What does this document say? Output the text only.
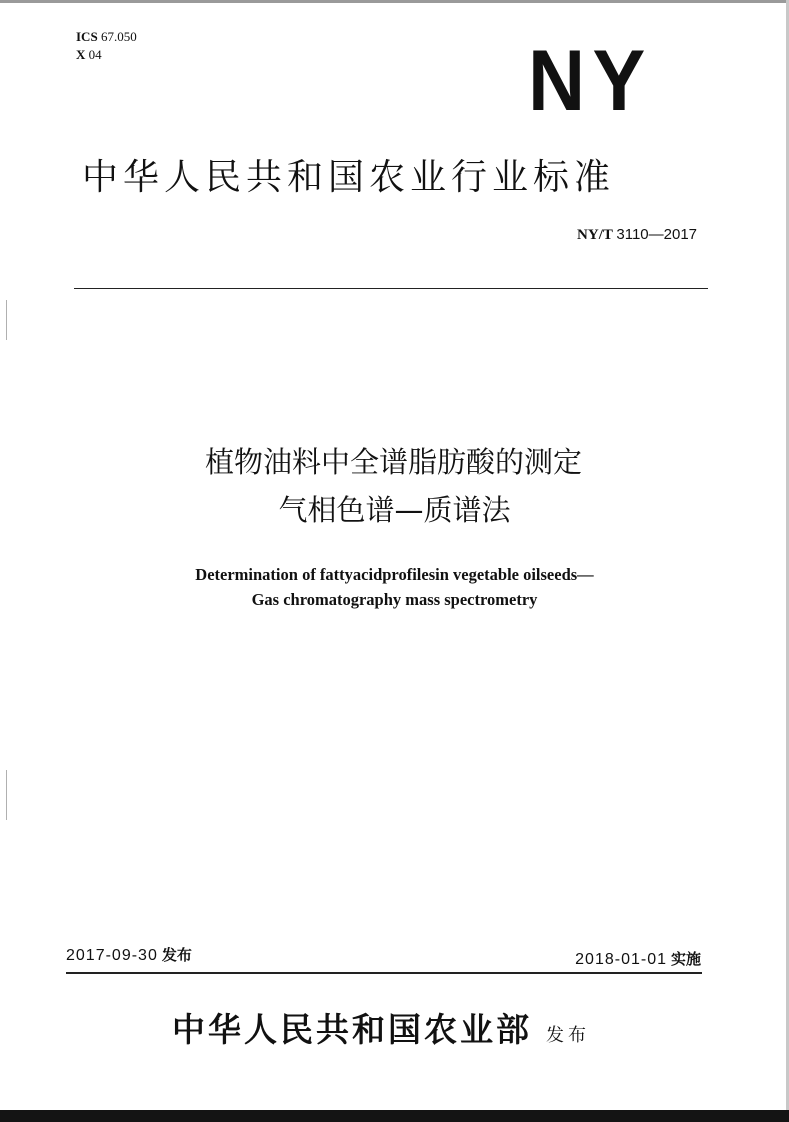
ICS 67.050
X 04	NY
中华人民共和国农业行业标准
NY/T 3110—2017
植物油料中全谱脂肪酸的测定
气相色谱—质谱法
Determination of fattyacidprofilesin vegetable oilseeds—
Gas chromatography mass spectrometry
2017-09-30 发布	2018-01-01 实施
中华人民共和国农业部 发布
